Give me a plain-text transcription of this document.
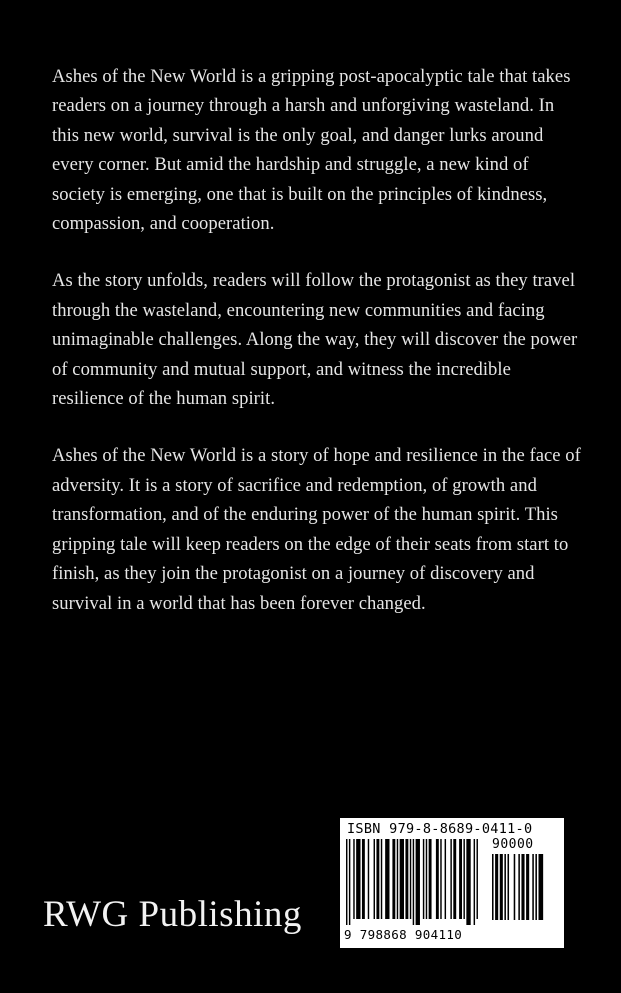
Ashes of the New World is a gripping post-apocalyptic tale that takes readers on a journey through a harsh and unforgiving wasteland. In this new world, survival is the only goal, and danger lurks around every corner. But amid the hardship and struggle, a new kind of society is emerging, one that is built on the principles of kindness, compassion, and cooperation.

As the story unfolds, readers will follow the protagonist as they travel through the wasteland, encountering new communities and facing unimaginable challenges. Along the way, they will discover the power of community and mutual support, and witness the incredible resilience of the human spirit.

Ashes of the New World is a story of hope and resilience in the face of adversity. It is a story of sacrifice and redemption, of growth and transformation, and of the enduring power of the human spirit. This gripping tale will keep readers on the edge of their seats from start to finish, as they join the protagonist on a journey of discovery and survival in a world that has been forever changed.

RWG Publishing
ISBN 979-8-8689-0411-0
90000
9 798868 904110
